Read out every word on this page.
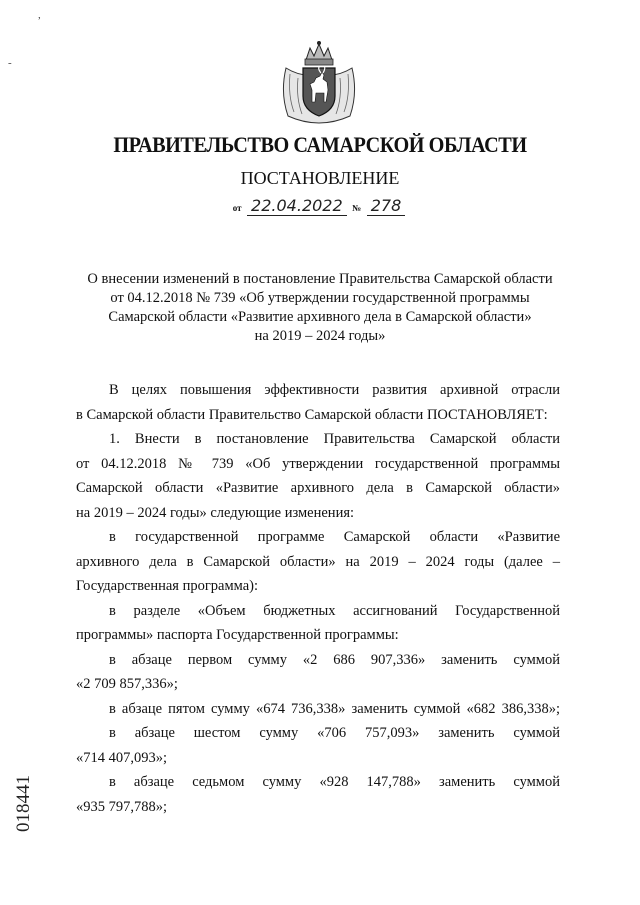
,
-
ПРАВИТЕЛЬСТВО САМАРСКОЙ ОБЛАСТИ
ПОСТАНОВЛЕНИЕ
от 22.04.2022 № 278
О внесении изменений в постановление Правительства Самарской области
от 04.12.2018 № 739 «Об утверждении государственной программы
Самарской области «Развитие архивного дела в Самарской области»
на 2019 – 2024 годы»
В целях повышения эффективности развития архивной отрасли
в Самарской области Правительство Самарской области ПОСТАНОВЛЯЕТ:
1. Внести в постановление Правительства Самарской области
от 04.12.2018 № 739 «Об утверждении государственной программы
Самарской области «Развитие архивного дела в Самарской области»
на 2019 – 2024 годы» следующие изменения:
в государственной программе Самарской области «Развитие
архивного дела в Самарской области» на 2019 – 2024 годы (далее –
Государственная программа):
в разделе «Объем бюджетных ассигнований Государственной
программы» паспорта Государственной программы:
в абзаце первом сумму «2 686 907,336» заменить суммой
«2 709 857,336»;
в абзаце пятом сумму «674 736,338» заменить суммой «682 386,338»;
в абзаце шестом сумму «706 757,093» заменить суммой
«714 407,093»;
в абзаце седьмом сумму «928 147,788» заменить суммой
«935 797,788»;
018441
